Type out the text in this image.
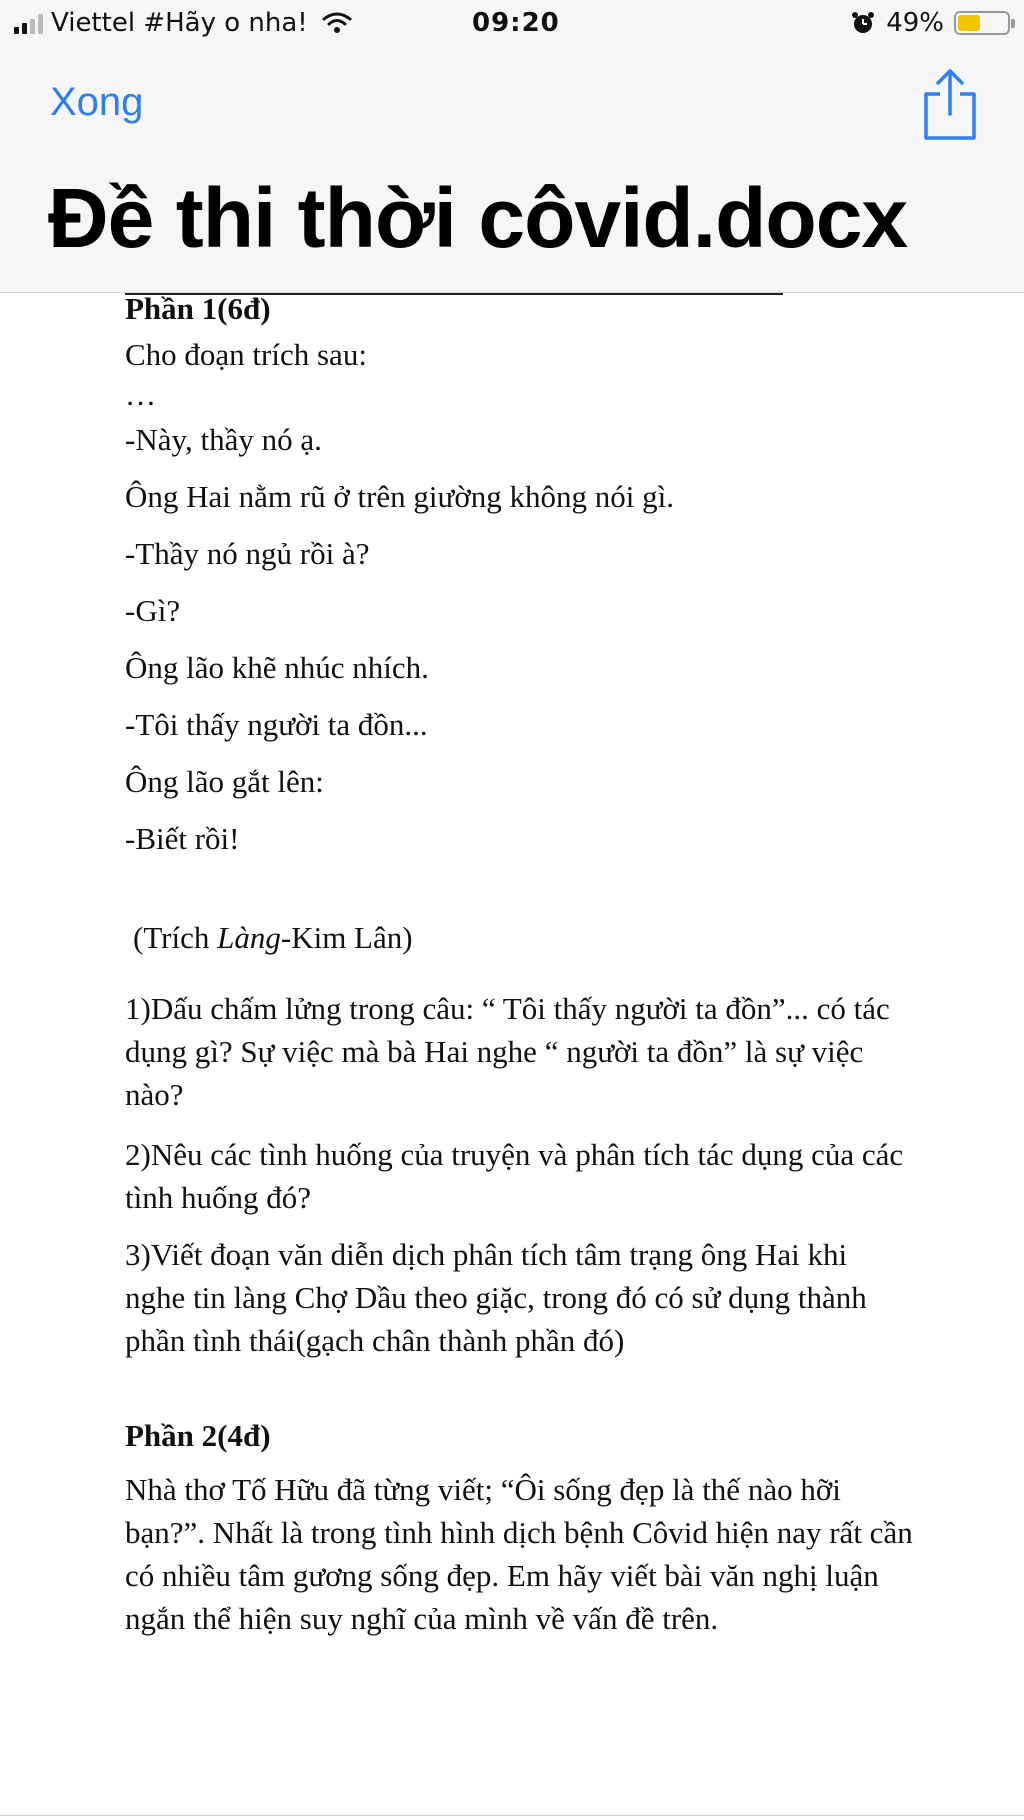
Viettel #Hãy o nha!	09:20	49%
Xong
Đề thi thời côvid.docx

Phần 1(6đ)

Cho đoạn trích sau:

…

-Này, thầy nó ạ.

Ông Hai nằm rũ ở trên giường không nói gì.

-Thầy nó ngủ rồi à?

-Gì?

Ông lão khẽ nhúc nhích.

-Tôi thấy người ta đồn...

Ông lão gắt lên:

-Biết rồi!

(Trích Làng-Kim Lân)

1)Dấu chấm lửng trong câu: “ Tôi thấy người ta đồn”... có tác dụng gì? Sự việc mà bà Hai nghe “ người ta đồn” là sự việc nào?

2)Nêu các tình huống của truyện và phân tích tác dụng của các tình huống đó?

3)Viết đoạn văn diễn dịch phân tích tâm trạng ông Hai khi nghe tin làng Chợ Dầu theo giặc, trong đó có sử dụng thành phần tình thái(gạch chân thành phần đó)

Phần 2(4đ)

Nhà thơ Tố Hữu đã từng viết; “Ôi sống đẹp là thế nào hỡi bạn?”. Nhất là trong tình hình dịch bệnh Côvid hiện nay rất cần có nhiều tâm gương sống đẹp. Em hãy viết bài văn nghị luận ngắn thể hiện suy nghĩ của mình về vấn đề trên.
